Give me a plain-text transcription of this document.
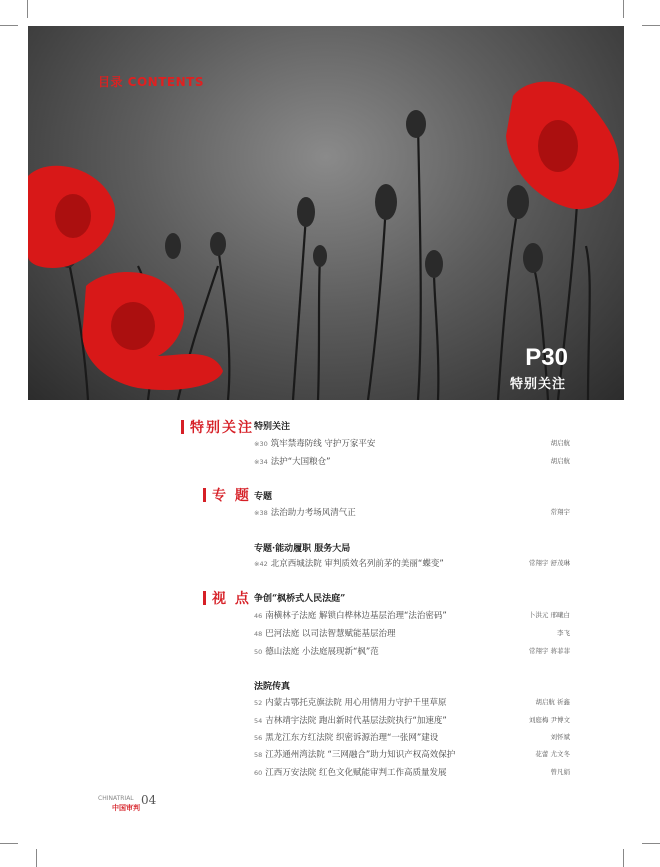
目录 CONTENTS
P30
特别关注
特别关注
专 题
视 点
特别关注
专题
专题·能动履职 服务大局
争创“枫桥式人民法庭”
法院传真
※30 筑牢禁毒防线 守护万家平安	胡启航
※34 法护“大国粮仓”	胡启航
※38 法治助力考场风清气正	常翔宇
※42 北京西城法院 审判质效名列前茅的美丽“蝶变”	常翔宇 舒茂琳
46 南横林子法庭 解锁白桦林边基层治理“法治密码”	卜洪元 邢曦白
48 巴河法庭 以司法智慧赋能基层治理	李飞
50 德山法庭 小法庭展现新“枫”范	常翔宇 蒋菲菲
52 内蒙古鄂托克旗法院 用心用情用力守护千里草原	胡启航 祈鑫
54 吉林靖宇法院 跑出新时代基层法院执行“加速度”	刘庭梅 尹博文
56 黑龙江东方红法院 织密诉源治理“一张网”建设	刘怀斌
58 江苏通州湾法院 “三网融合”助力知识产权高效保护	花蕾 尤文冬
60 江西万安法院 红色文化赋能审判工作高质量发展	曾凡娟
CHINATRIAL
中国审判
04
